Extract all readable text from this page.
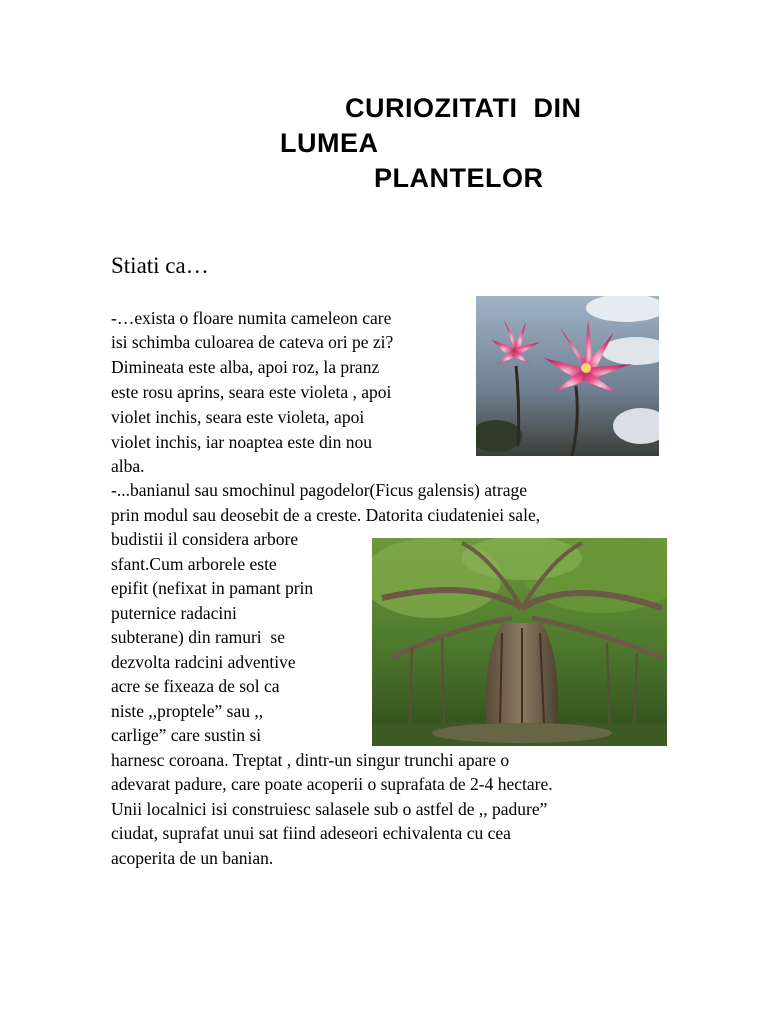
CURIOZITATI  DIN
LUMEA
PLANTELOR
Stiati ca…
-…exista o floare numita cameleon care
isi schimba culoarea de cateva ori pe zi?
Dimineata este alba, apoi roz, la pranz
este rosu aprins, seara este violeta , apoi
violet inchis, seara este violeta, apoi
violet inchis, iar noaptea este din nou
alba.
-...banianul sau smochinul pagodelor(Ficus galensis) atrage
prin modul sau deosebit de a creste. Datorita ciudateniei sale,
budistii il considera arbore
sfant.Cum arborele este
epifit (nefixat in pamant prin
puternice radacini
subterane) din ramuri  se
dezvolta radcini adventive
acre se fixeaza de sol ca
niste ,,proptele” sau ,,
carlige” care sustin si
harnesc coroana. Treptat , dintr-un singur trunchi apare o
adevarat padure, care poate acoperii o suprafata de 2-4 hectare.
Unii localnici isi construiesc salasele sub o astfel de ,, padure”
ciudat, suprafat unui sat fiind adeseori echivalenta cu cea
acoperita de un banian.
